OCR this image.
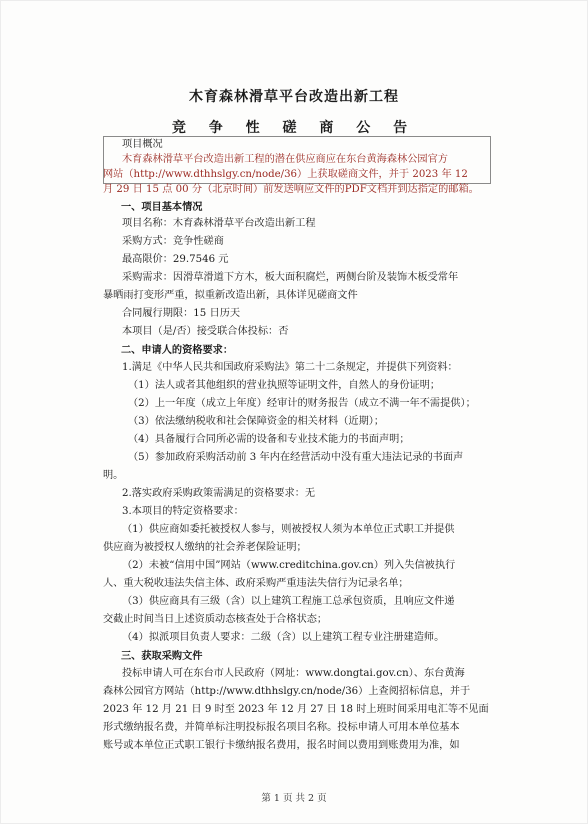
木育森林滑草平台改造出新工程
竞 争 性 磋 商 公 告
项目概况
木育森林滑草平台改造出新工程的潜在供应商应在东台黄海森林公园官方
网站（http://www.dthhslgy.cn/node/36）上获取磋商文件，并于 2023 年 12
月 29 日 15 点 00 分（北京时间）前发送响应文件的PDF文档并到达指定的邮箱。
一、项目基本情况
项目名称：木育森林滑草平台改造出新工程
采购方式：竞争性磋商
最高限价：29.7546 元
采购需求：因滑草滑道下方木，板大面积腐烂，两侧台阶及装饰木板受常年
暴晒雨打变形严重，拟重新改造出新，具体详见磋商文件
合同履行期限：15 日历天
本项目（是/否）接受联合体投标：否
二、申请人的资格要求：
1.满足《中华人民共和国政府采购法》第二十二条规定，并提供下列资料：
（1）法人或者其他组织的营业执照等证明文件，自然人的身份证明；
（2）上一年度（成立上年度）经审计的财务报告（成立不满一年不需提供）；
（3）依法缴纳税收和社会保障资金的相关材料（近期）；
（4）具备履行合同所必需的设备和专业技术能力的书面声明；
（5）参加政府采购活动前 3 年内在经营活动中没有重大违法记录的书面声
明。
2.落实政府采购政策需满足的资格要求：无
3.本项目的特定资格要求：
（1）供应商如委托被授权人参与，则被授权人须为本单位正式职工并提供
供应商为被授权人缴纳的社会养老保险证明；
（2）未被“信用中国”网站（www.creditchina.gov.cn）列入失信被执行
人、重大税收违法失信主体、政府采购严重违法失信行为记录名单；
（3）供应商具有三级（含）以上建筑工程施工总承包资质，且响应文件递
交截止时间当日上述资质动态核查处于合格状态；
（4）拟派项目负责人要求：二级（含）以上建筑工程专业注册建造师。
三、获取采购文件
投标申请人可在东台市人民政府（网址：www.dongtai.gov.cn）、东台黄海
森林公园官方网站（http://www.dthhslgy.cn/node/36）上查阅招标信息，并于
2023 年 12 月 21 日 9 时至 2023 年 12 月 27 日 18 时上班时间采用电汇等不见面
形式缴纳报名费，并简单标注明投标报名项目名称。投标申请人可用本单位基本
账号或本单位正式职工银行卡缴纳报名费用，报名时间以费用到账费用为准，如
第 1 页 共 2 页
